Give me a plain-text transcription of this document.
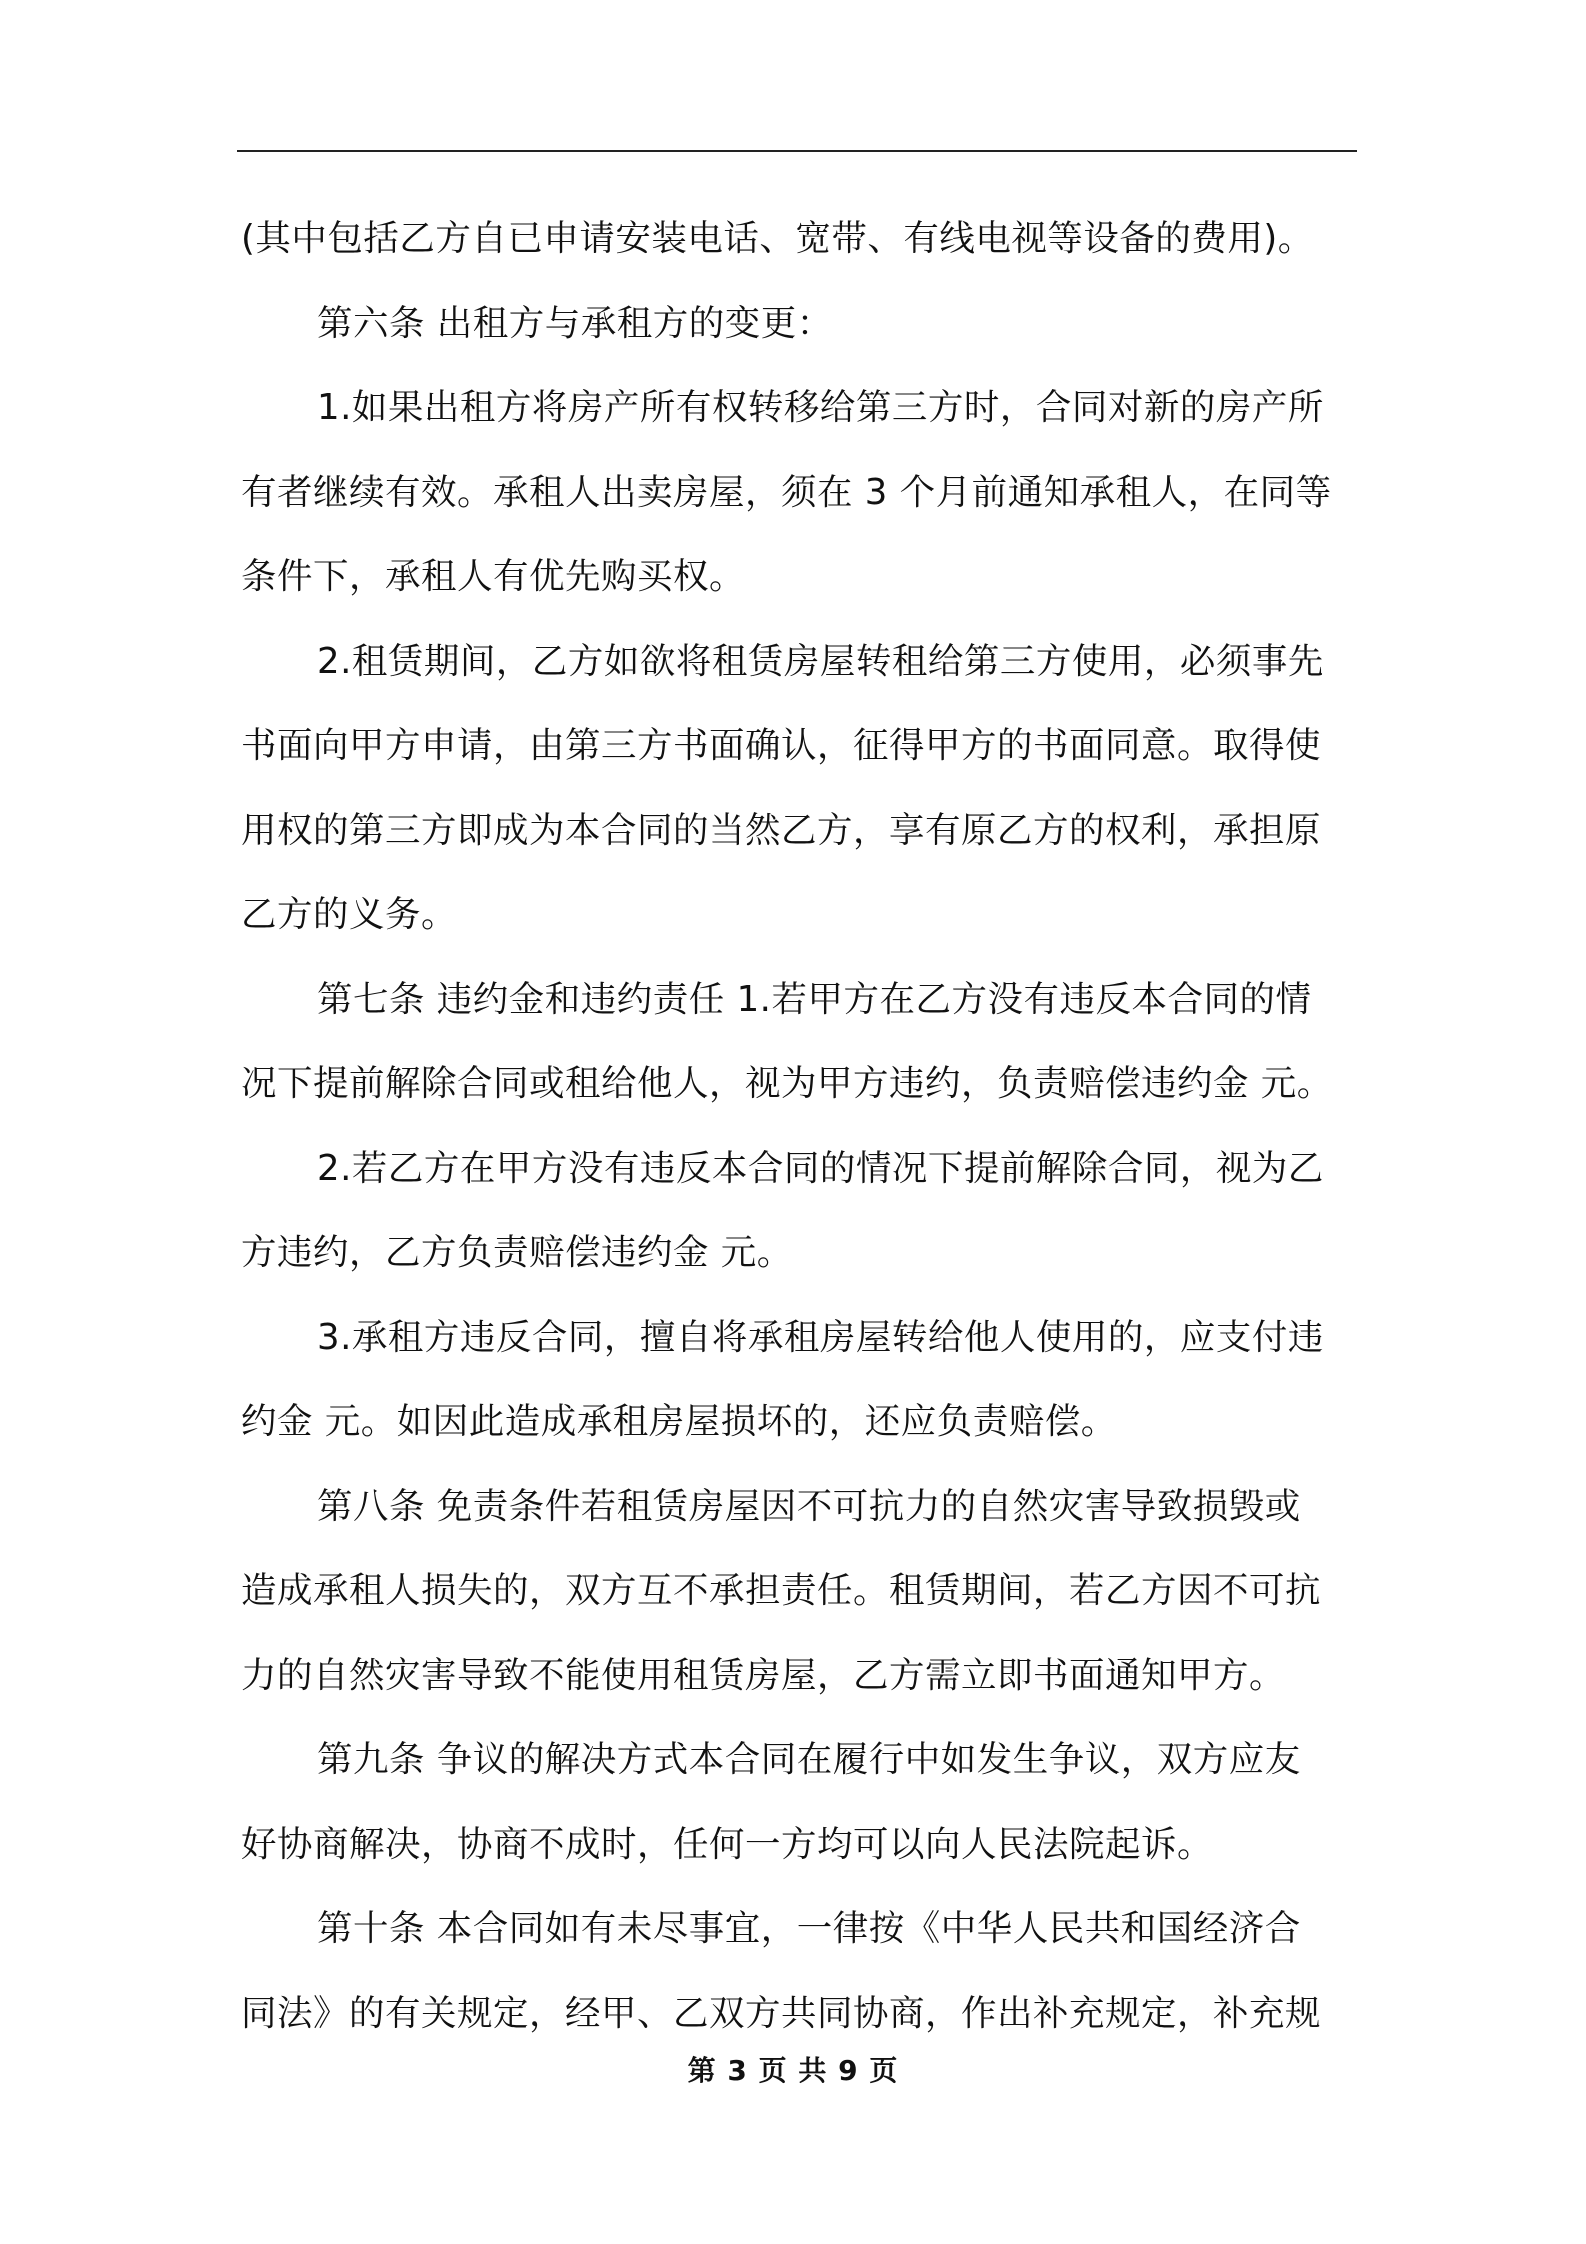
(其中包括乙方自已申请安装电话、宽带、有线电视等设备的费用)。

第六条 出租方与承租方的变更：

1.如果出租方将房产所有权转移给第三方时，合同对新的房产所

有者继续有效。承租人出卖房屋，须在 3 个月前通知承租人，在同等

条件下，承租人有优先购买权。

2.租赁期间，乙方如欲将租赁房屋转租给第三方使用，必须事先

书面向甲方申请，由第三方书面确认，征得甲方的书面同意。取得使

用权的第三方即成为本合同的当然乙方，享有原乙方的权利，承担原

乙方的义务。

第七条 违约金和违约责任 1.若甲方在乙方没有违反本合同的情

况下提前解除合同或租给他人，视为甲方违约，负责赔偿违约金 元。

2.若乙方在甲方没有违反本合同的情况下提前解除合同，视为乙

方违约，乙方负责赔偿违约金 元。

3.承租方违反合同，擅自将承租房屋转给他人使用的，应支付违

约金 元。如因此造成承租房屋损坏的，还应负责赔偿。

第八条 免责条件若租赁房屋因不可抗力的自然灾害导致损毁或

造成承租人损失的，双方互不承担责任。租赁期间，若乙方因不可抗

力的自然灾害导致不能使用租赁房屋，乙方需立即书面通知甲方。

第九条 争议的解决方式本合同在履行中如发生争议，双方应友

好协商解决，协商不成时，任何一方均可以向人民法院起诉。

第十条 本合同如有未尽事宜，一律按《中华人民共和国经济合

同法》的有关规定，经甲、乙双方共同协商，作出补充规定，补充规

第 3 页 共 9 页
